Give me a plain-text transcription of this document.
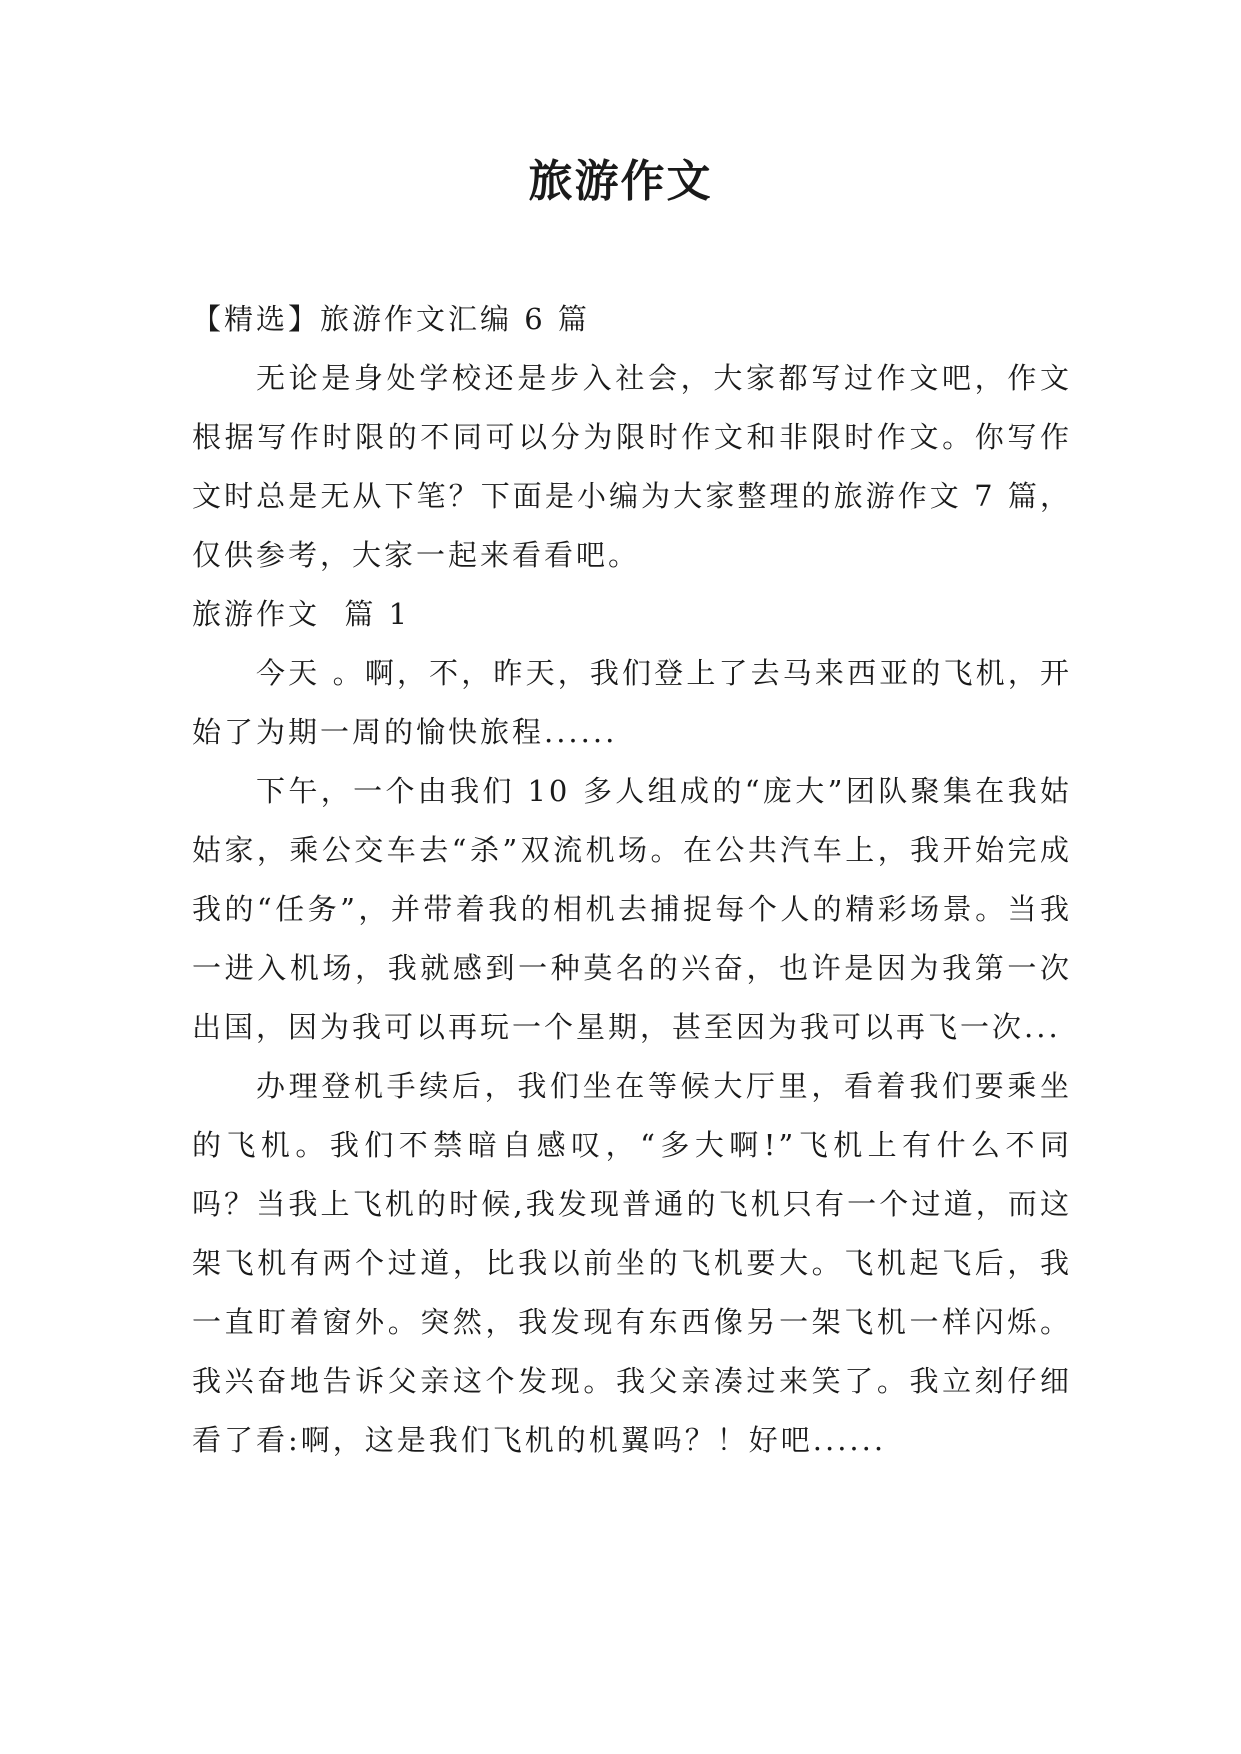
旅游作文

【精选】旅游作文汇编 6 篇

无论是身处学校还是步入社会，大家都写过作文吧，作文根据写作时限的不同可以分为限时作文和非限时作文。你写作文时总是无从下笔？下面是小编为大家整理的旅游作文 7 篇，仅供参考，大家一起来看看吧。

旅游作文  篇 1

今天 。啊，不，昨天，我们登上了去马来西亚的飞机，开始了为期一周的愉快旅程......

下午，一个由我们 10 多人组成的“庞大”团队聚集在我姑姑家，乘公交车去“杀”双流机场。在公共汽车上，我开始完成我的“任务”，并带着我的相机去捕捉每个人的精彩场景。当我一进入机场，我就感到一种莫名的兴奋，也许是因为我第一次出国，因为我可以再玩一个星期，甚至因为我可以再飞一次...

办理登机手续后，我们坐在等候大厅里，看着我们要乘坐的飞机。我们不禁暗自感叹，“多大啊!”飞机上有什么不同吗？当我上飞机的时候,我发现普通的飞机只有一个过道，而这架飞机有两个过道，比我以前坐的飞机要大。飞机起飞后，我一直盯着窗外。突然，我发现有东西像另一架飞机一样闪烁。我兴奋地告诉父亲这个发现。我父亲凑过来笑了。我立刻仔细看了看:啊，这是我们飞机的机翼吗？！好吧......
